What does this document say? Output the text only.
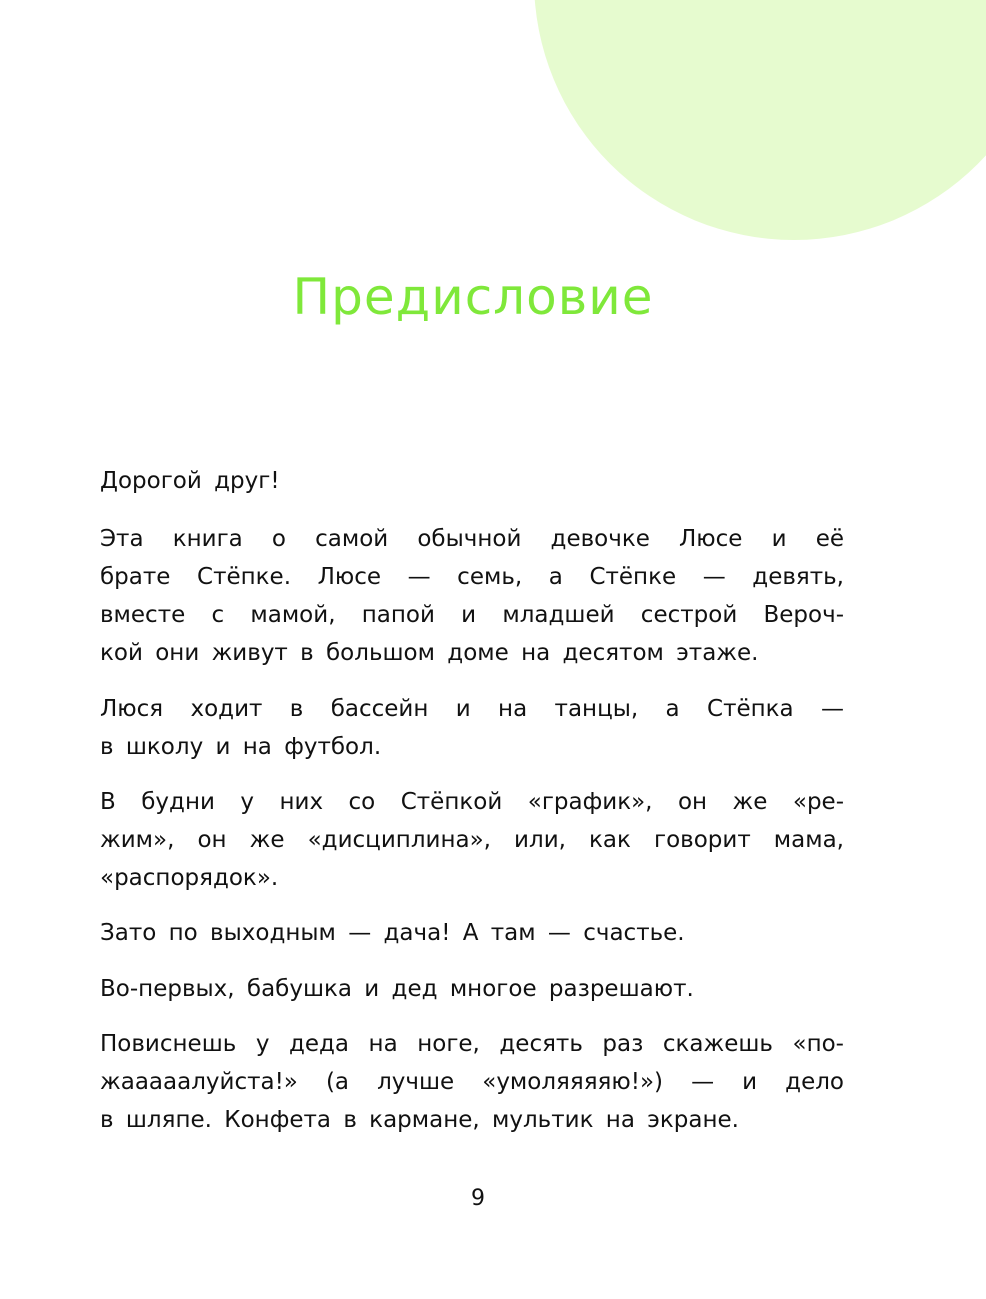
Предисловие
Дорогой друг!
Эта книга о самой обычной девочке Люсе и её
брате Стёпке. Люсе — семь, а Стёпке — девять,
вместе с мамой, папой и младшей сестрой Вероч-
кой они живут в большом доме на десятом этаже.
Люся ходит в бассейн и на танцы, а Стёпка —
в школу и на футбол.
В будни у них со Стёпкой «график», он же «ре-
жим», он же «дисциплина», или, как говорит мама,
«распорядок».
Зато по выходным — дача! А там — счастье.
Во-первых, бабушка и дед многое разрешают.
Повиснешь у деда на ноге, десять раз скажешь «по-
жааааалуйста!» (а лучше «умоляяяяю!») — и дело
в шляпе. Конфета в кармане, мультик на экране.
9
